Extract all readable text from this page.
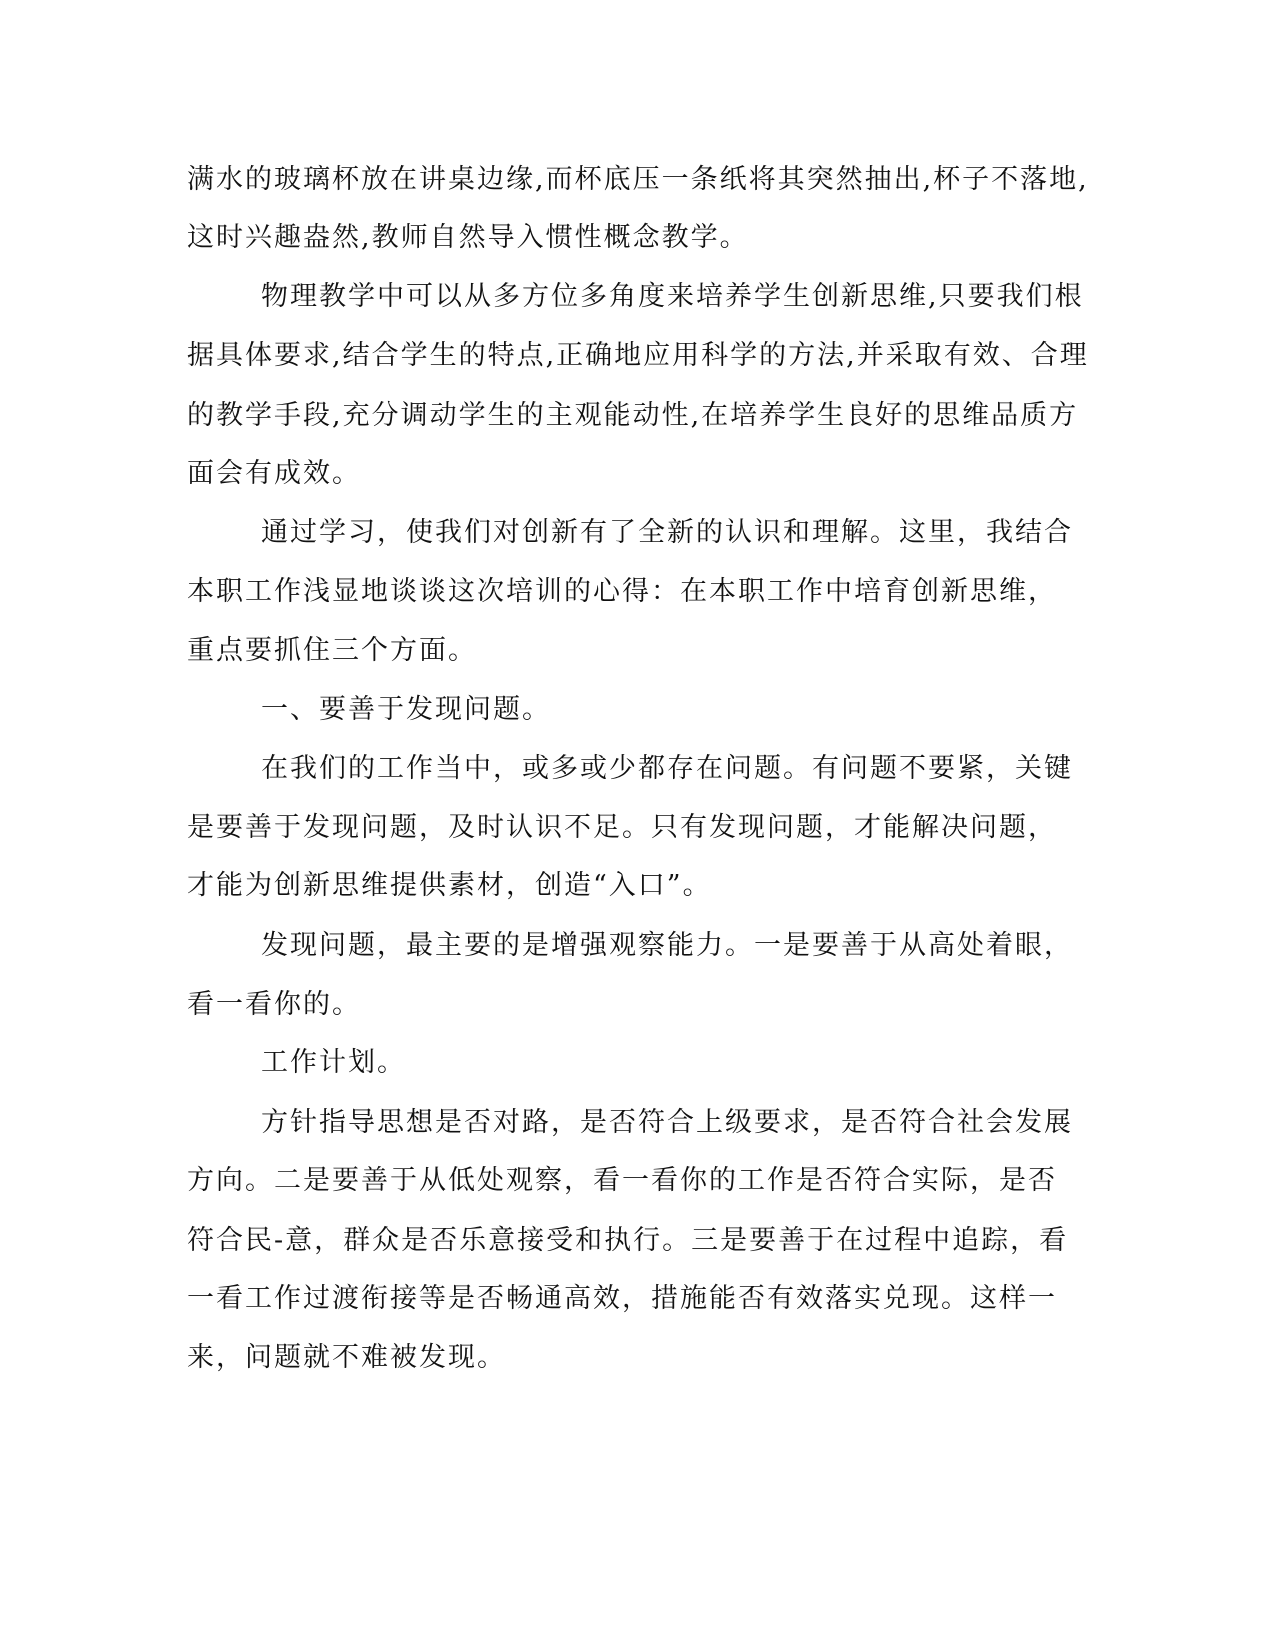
满水的玻璃杯放在讲桌边缘,而杯底压一条纸将其突然抽出,杯子不落地,
这时兴趣盎然,教师自然导入惯性概念教学。
物理教学中可以从多方位多角度来培养学生创新思维,只要我们根
据具体要求,结合学生的特点,正确地应用科学的方法,并采取有效、合理
的教学手段,充分调动学生的主观能动性,在培养学生良好的思维品质方
面会有成效。
通过学习，使我们对创新有了全新的认识和理解。这里，我结合
本职工作浅显地谈谈这次培训的心得：在本职工作中培育创新思维，
重点要抓住三个方面。
一、要善于发现问题。
在我们的工作当中，或多或少都存在问题。有问题不要紧，关键
是要善于发现问题，及时认识不足。只有发现问题，才能解决问题，
才能为创新思维提供素材，创造“入口”。
发现问题，最主要的是增强观察能力。一是要善于从高处着眼，
看一看你的。
工作计划。
方针指导思想是否对路，是否符合上级要求，是否符合社会发展
方向。二是要善于从低处观察，看一看你的工作是否符合实际，是否
符合民-意，群众是否乐意接受和执行。三是要善于在过程中追踪，看
一看工作过渡衔接等是否畅通高效，措施能否有效落实兑现。这样一
来，问题就不难被发现。
